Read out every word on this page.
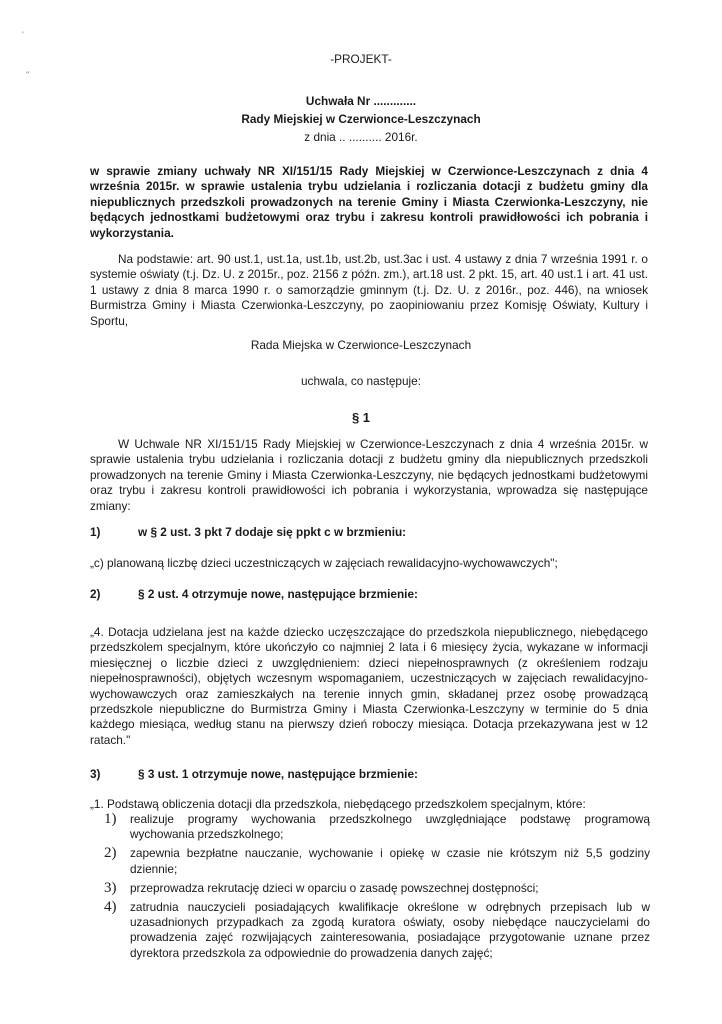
'
"
-PROJEKT-
Uchwała Nr .............
Rady Miejskiej w Czerwionce-Leszczynach
z dnia .. .......... 2016r.
w sprawie zmiany uchwały NR XI/151/15 Rady Miejskiej w Czerwionce-Leszczynach z dnia 4 września 2015r. w sprawie ustalenia trybu udzielania i rozliczania dotacji z budżetu gminy dla niepublicznych przedszkoli prowadzonych na terenie Gminy i Miasta Czerwionka-Leszczyny, nie będących jednostkami budżetowymi oraz trybu i zakresu kontroli prawidłowości ich pobrania i wykorzystania.

Na podstawie: art. 90 ust.1, ust.1a, ust.1b, ust.2b, ust.3ac i ust. 4 ustawy z dnia 7 września 1991 r. o systemie oświaty (t.j. Dz. U. z 2015r., poz. 2156 z późn. zm.), art.18 ust. 2 pkt. 15, art. 40 ust.1 i art. 41 ust. 1 ustawy z dnia 8 marca 1990 r. o samorządzie gminnym (t.j. Dz. U. z 2016r., poz. 446), na wniosek Burmistrza Gminy i Miasta Czerwionka-Leszczyny, po zaopiniowaniu przez Komisję Oświaty, Kultury i Sportu,

Rada Miejska w Czerwionce-Leszczynach
uchwala, co następuje:
§ 1

W Uchwale NR XI/151/15 Rady Miejskiej w Czerwionce-Leszczynach z dnia 4 września 2015r. w sprawie ustalenia trybu udzielania i rozliczania dotacji z budżetu gminy dla niepublicznych przedszkoli prowadzonych na terenie Gminy i Miasta Czerwionka-Leszczyny, nie będących jednostkami budżetowymi oraz trybu i zakresu kontroli prawidłowości ich pobrania i wykorzystania, wprowadza się następujące zmiany:

1)	w § 2 ust. 3 pkt 7 dodaje się ppkt c w brzmieniu:
„c) planowaną liczbę dzieci uczestniczących w zajęciach rewalidacyjno-wychowawczych";
2)	§ 2 ust. 4 otrzymuje nowe, następujące brzmienie:
„4. Dotacja udzielana jest na każde dziecko uczęszczające do przedszkola niepublicznego, niebędącego przedszkolem specjalnym, które ukończyło co najmniej 2 lata i 6 miesięcy życia, wykazane w informacji miesięcznej o liczbie dzieci z uwzględnieniem: dzieci niepełnosprawnych (z określeniem rodzaju niepełnosprawności), objętych wczesnym wspomaganiem, uczestniczących w zajęciach rewalidacyjno-wychowawczych oraz zamieszkałych na terenie innych gmin, składanej przez osobę prowadzącą przedszkole niepubliczne do Burmistrza Gminy i Miasta Czerwionka-Leszczyny w terminie do 5 dnia każdego miesiąca, według stanu na pierwszy dzień roboczy miesiąca. Dotacja przekazywana jest w 12 ratach."
3)	§ 3 ust. 1 otrzymuje nowe, następujące brzmienie:
„1. Podstawą obliczenia dotacji dla przedszkola, niebędącego przedszkolem specjalnym, które:
1)	realizuje programy wychowania przedszkolnego uwzględniające podstawę programową wychowania przedszkolnego;
2)	zapewnia bezpłatne nauczanie, wychowanie i opiekę w czasie nie krótszym niż 5,5 godziny dziennie;
3)	przeprowadza rekrutację dzieci w oparciu o zasadę powszechnej dostępności;
4)	zatrudnia nauczycieli posiadających kwalifikacje określone w odrębnych przepisach lub w uzasadnionych przypadkach za zgodą kuratora oświaty, osoby niebędące nauczycielami do prowadzenia zajęć rozwijających zainteresowania, posiadające przygotowanie uznane przez dyrektora przedszkola za odpowiednie do prowadzenia danych zajęć;
